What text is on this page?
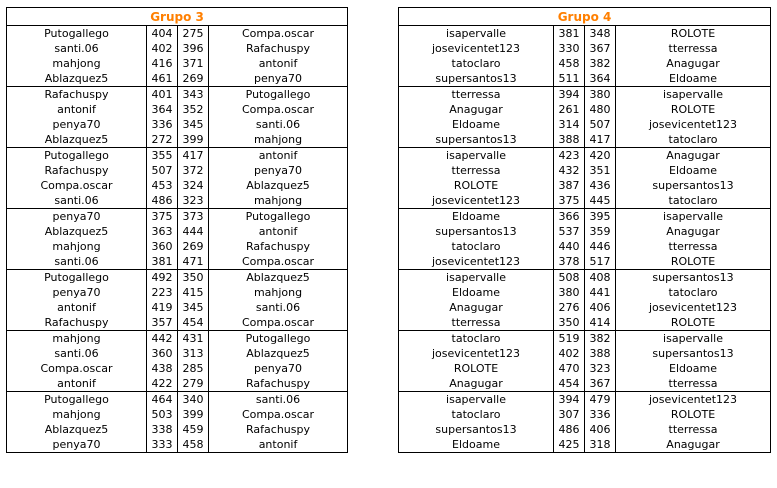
Grupo 3			
Putogallego	404	275	Compa.oscar
santi.06	402	396	Rafachuspy
mahjong	416	371	antonif
Ablazquez5	461	269	penya70
Rafachuspy	401	343	Putogallego
antonif	364	352	Compa.oscar
penya70	336	345	santi.06
Ablazquez5	272	399	mahjong
Putogallego	355	417	antonif
Rafachuspy	507	372	penya70
Compa.oscar	453	324	Ablazquez5
santi.06	486	323	mahjong
penya70	375	373	Putogallego
Ablazquez5	363	444	antonif
mahjong	360	269	Rafachuspy
santi.06	381	471	Compa.oscar
Putogallego	492	350	Ablazquez5
penya70	223	415	mahjong
antonif	419	345	santi.06
Rafachuspy	357	454	Compa.oscar
mahjong	442	431	Putogallego
santi.06	360	313	Ablazquez5
Compa.oscar	438	285	penya70
antonif	422	279	Rafachuspy
Putogallego	464	340	santi.06
mahjong	503	399	Compa.oscar
Ablazquez5	338	459	Rafachuspy
penya70	333	458	antonif
Grupo 4			
isapervalle	381	348	ROLOTE
josevicentet123	330	367	tterressa
tatoclaro	458	382	Anagugar
supersantos13	511	364	Eldoame
tterressa	394	380	isapervalle
Anagugar	261	480	ROLOTE
Eldoame	314	507	josevicentet123
supersantos13	388	417	tatoclaro
isapervalle	423	420	Anagugar
tterressa	432	351	Eldoame
ROLOTE	387	436	supersantos13
josevicentet123	375	445	tatoclaro
Eldoame	366	395	isapervalle
supersantos13	537	359	Anagugar
tatoclaro	440	446	tterressa
josevicentet123	378	517	ROLOTE
isapervalle	508	408	supersantos13
Eldoame	380	441	tatoclaro
Anagugar	276	406	josevicentet123
tterressa	350	414	ROLOTE
tatoclaro	519	382	isapervalle
josevicentet123	402	388	supersantos13
ROLOTE	470	323	Eldoame
Anagugar	454	367	tterressa
isapervalle	394	479	josevicentet123
tatoclaro	307	336	ROLOTE
supersantos13	486	406	tterressa
Eldoame	425	318	Anagugar
